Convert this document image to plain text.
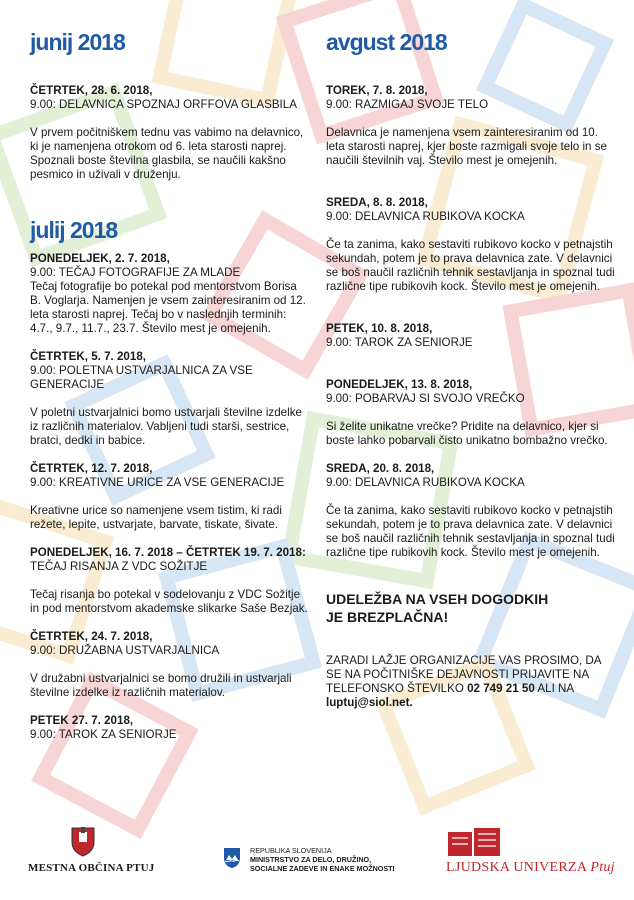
junij 2018

ČETRTEK, 28. 6. 2018,

9.00: DELAVNICA SPOZNAJ ORFFOVA GLASBILA

V prvem počitniškem tednu vas vabimo na delavnico, ki je namenjena otrokom od 6. leta starosti naprej. Spoznali boste številna glasbila, se naučili kakšno pesmico in uživali v druženju.

julij 2018

PONEDELJEK, 2. 7. 2018,

9.00: TEČAJ FOTOGRAFIJE ZA MLADE

Tečaj fotografije bo potekal pod mentorstvom Borisa B. Voglarja. Namenjen je vsem zainteresiranim od 12. leta starosti naprej. Tečaj bo v naslednjih terminih: 4.7., 9.7., 11.7., 23.7. Število mest je omejenih.

ČETRTEK, 5. 7. 2018,

9.00: POLETNA USTVARJALNICA ZA VSE GENERACIJE

V poletni ustvarjalnici bomo ustvarjali številne izdelke iz različnih materialov. Vabljeni tudi starši, sestrice, bratci, dedki in babice.

ČETRTEK, 12. 7. 2018,

9.00: KREATIVNE URICE ZA VSE GENERACIJE

Kreativne urice so namenjene vsem tistim, ki radi režete, lepite, ustvarjate, barvate, tiskate, šivate.

PONEDELJEK, 16. 7. 2018 – ČETRTEK 19. 7. 2018: TEČAJ RISANJA Z VDC SOŽITJE

Tečaj risanja bo potekal v sodelovanju z VDC Sožitje in pod mentorstvom akademske slikarke Saše Bezjak.

ČETRTEK, 24. 7. 2018,

9.00: DRUŽABNA USTVARJALNICA

V družabni ustvarjalnici se bomo družili in ustvarjali številne izdelke iz različnih materialov.

PETEK 27. 7. 2018,

9.00: TAROK ZA SENIORJE

avgust 2018

TOREK, 7. 8. 2018,

9.00: RAZMIGAJ SVOJE TELO

Delavnica je namenjena vsem zainteresiranim od 10. leta starosti naprej, kjer boste razmigali svoje telo in se naučili številnih vaj. Število mest je omejenih.

SREDA, 8. 8. 2018,

9.00: DELAVNICA RUBIKOVA KOCKA

Če ta zanima, kako sestaviti rubikovo kocko v petnajstih sekundah, potem je to prava delavnica zate. V delavnici se boš naučil različnih tehnik sestavljanja in spoznal tudi različne tipe rubikovih kock. Število mest je omejenih.

PETEK, 10. 8. 2018,

9.00: TAROK ZA SENIORJE

PONEDELJEK, 13. 8. 2018,

9.00: POBARVAJ SI SVOJO VREČKO

Si želite unikatne vrečke? Pridite na delavnico, kjer si boste lahko pobarvali čisto unikatno bombažno vrečko.

SREDA, 20. 8. 2018,

9.00: DELAVNICA RUBIKOVA KOCKA

Če ta zanima, kako sestaviti rubikovo kocko v petnajstih sekundah, potem je to prava delavnica zate. V delavnici se boš naučil različnih tehnik sestavljanja in spoznal tudi različne tipe rubikovih kock. Število mest je omejenih.

UDELEŽBA NA VSEH DOGODKIH
JE BREZPLAČNA!

ZARADI LAŽJE ORGANIZACIJE VAS PROSIMO, DA SE NA POČITNIŠKE DEJAVNOSTI PRIJAVITE NA TELEFONSKO ŠTEVILKO 02 749 21 50 ALI NA
luptuj@siol.net.

MESTNA OBČINA PTUJ
REPUBLIKA SLOVENIJA
MINISTRSTVO ZA DELO, DRUŽINO,
SOCIALNE ZADEVE IN ENAKE MOŽNOSTI	LJUDSKA UNIVERZA Ptuj
